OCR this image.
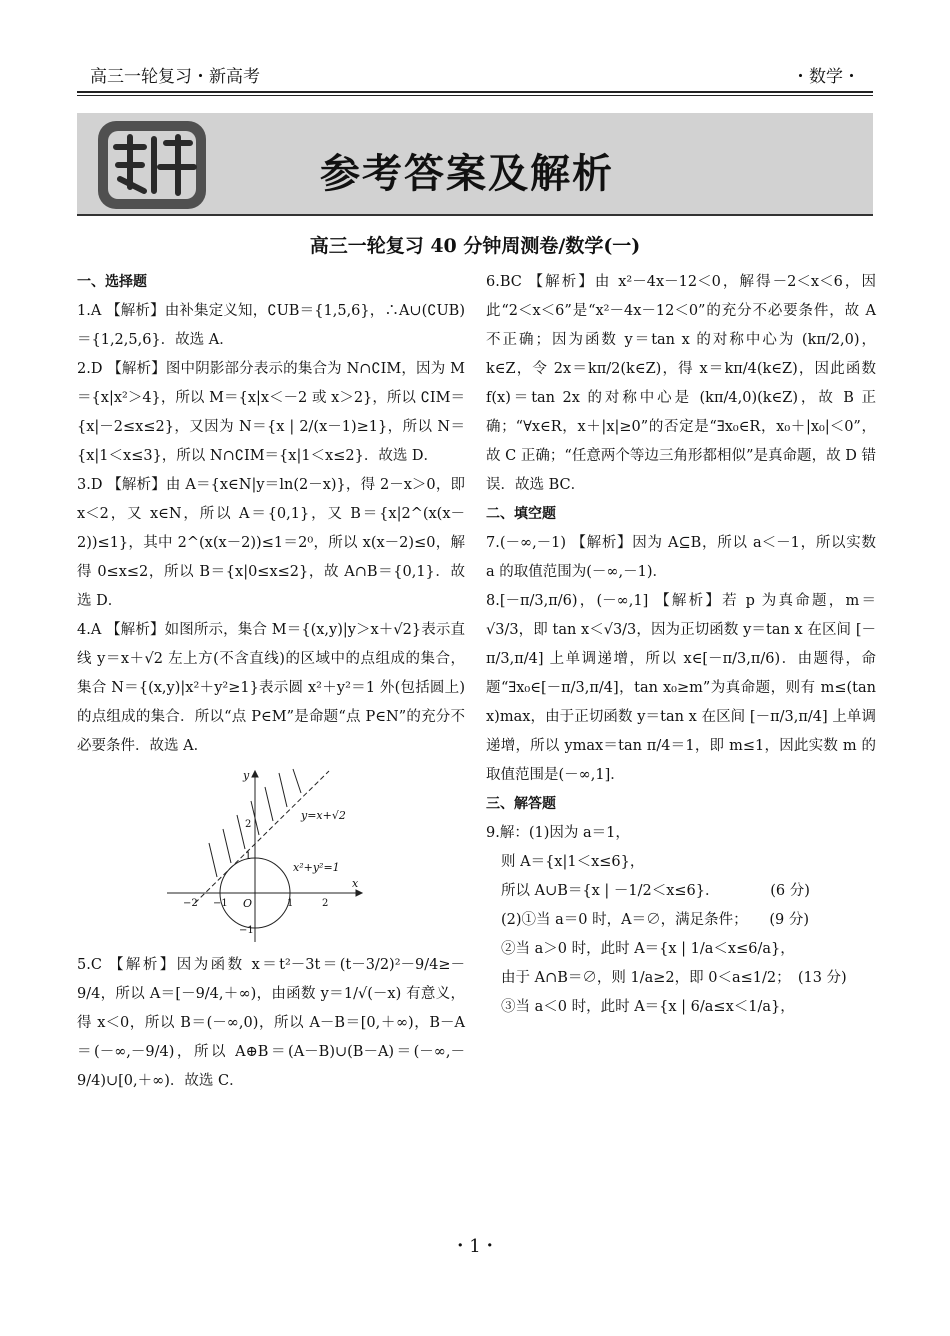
高三一轮复习・新高考	・数学・
参考答案及解析
高三一轮复习 40 分钟周测卷/数学(一)

一、选择题

1.A 【解析】由补集定义知，∁UB＝{1,5,6}，∴A∪(∁UB)＝{1,2,5,6}．故选 A．

2.D 【解析】图中阴影部分表示的集合为 N∩∁IM，因为 M＝{x|x²＞4}，所以 M＝{x|x＜－2 或 x＞2}，所以 ∁IM＝{x|－2≤x≤2}，又因为 N＝{x | 2/(x－1)≥1}，所以 N＝{x|1＜x≤3}，所以 N∩∁IM＝{x|1＜x≤2}．故选 D．

3.D 【解析】由 A＝{x∈N|y＝ln(2－x)}，得 2－x＞0，即 x＜2，又 x∈N，所以 A＝{0,1}，又 B＝{x|2^(x(x－2))≤1}，其中 2^(x(x－2))≤1＝2⁰，所以 x(x－2)≤0，解得 0≤x≤2，所以 B＝{x|0≤x≤2}，故 A∩B＝{0,1}．故选 D．

4.A 【解析】如图所示，集合 M＝{(x,y)|y＞x＋√2}表示直线 y＝x＋√2 左上方(不含直线)的区域中的点组成的集合，集合 N＝{(x,y)|x²＋y²≥1}表示圆 x²＋y²＝1 外(包括圆上)的点组成的集合．所以“点 P∈M”是命题“点 P∈N”的充分不必要条件．故选 A．

x
y
O
y=x+√2
x²+y²=1
−2 −1	1	2
2
1
−1

5.C 【解析】因为函数 x＝t²－3t＝(t－3/2)²－9/4≥－9/4，所以 A＝[－9/4,＋∞)，由函数 y＝1/√(－x) 有意义，得 x＜0，所以 B＝(－∞,0)，所以 A－B＝[0,＋∞)，B－A＝(－∞,－9/4)，所以 A⊕B＝(A－B)∪(B－A)＝(－∞,－9/4)∪[0,＋∞)．故选 C．

6.BC 【解析】由 x²－4x－12＜0，解得－2＜x＜6，因此“2＜x＜6”是“x²－4x－12＜0”的充分不必要条件，故 A 不正确；因为函数 y＝tan x 的对称中心为 (kπ/2,0)，k∈Z，令 2x＝kπ/2(k∈Z)，得 x＝kπ/4(k∈Z)，因此函数 f(x)＝tan 2x 的对称中心是 (kπ/4,0)(k∈Z)，故 B 正确；“∀x∈R，x＋|x|≥0”的否定是“∃x₀∈R，x₀＋|x₀|＜0”，故 C 正确；“任意两个等边三角形都相似”是真命题，故 D 错误．故选 BC．

二、填空题

7.(－∞,－1) 【解析】因为 A⊆B，所以 a＜－1，所以实数 a 的取值范围为(－∞,－1)．

8.[－π/3,π/6)，(－∞,1] 【解析】若 p 为真命题，m＝√3/3，即 tan x＜√3/3，因为正切函数 y＝tan x 在区间 [－π/3,π/4] 上单调递增，所以 x∈[－π/3,π/6)．由题得，命题“∃x₀∈[－π/3,π/4]，tan x₀≥m”为真命题，则有 m≤(tan x)max，由于正切函数 y＝tan x 在区间 [－π/3,π/4] 上单调递增，所以 ymax＝tan π/4＝1，即 m≤1，因此实数 m 的取值范围是(－∞,1]．

三、解答题

9.解：(1)因为 a＝1，

则 A＝{x|1＜x≤6}，

所以 A∪B＝{x | －1/2＜x≤6}．　　　　(6 分)

(2)①当 a＝0 时，A＝∅，满足条件；　　(9 分)

②当 a＞0 时，此时 A＝{x | 1/a＜x≤6/a}，

由于 A∩B＝∅，则 1/a≥2，即 0＜a≤1/2；　(13 分)

③当 a＜0 时，此时 A＝{x | 6/a≤x＜1/a}，

・1・
